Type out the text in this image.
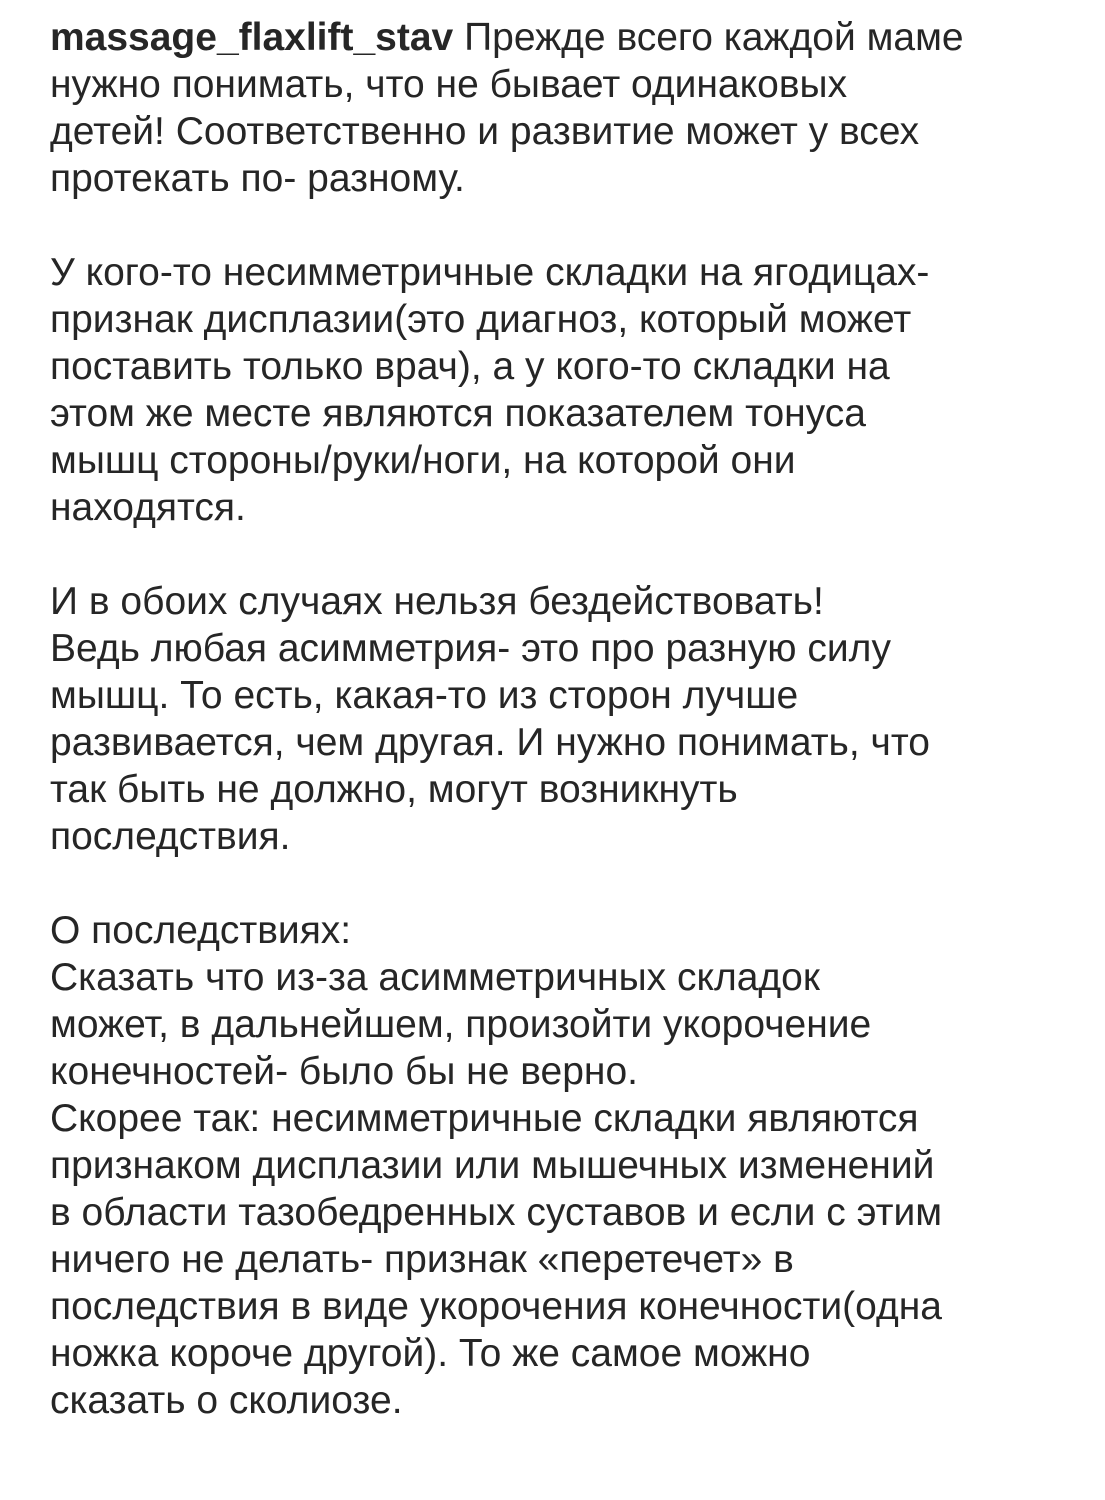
massage_flaxlift_stav Прежде всего каждой маме
нужно понимать, что не бывает одинаковых
детей! Соответственно и развитие может у всех
протекать по- разному.

У кого-то несимметричные складки на ягодицах-
признак дисплазии(это диагноз, который может
поставить только врач), а у кого-то складки на
этом же месте являются показателем тонуса
мышц стороны/руки/ноги, на которой они
находятся.

И в обоих случаях нельзя бездействовать!
Ведь любая асимметрия- это про разную силу
мышц. То есть, какая-то из сторон лучше
развивается, чем другая. И нужно понимать, что
так быть не должно, могут возникнуть
последствия.

О последствиях:
Сказать что из-за асимметричных складок
может, в дальнейшем, произойти укорочение
конечностей- было бы не верно.
Скорее так: несимметричные складки являются
признаком дисплазии или мышечных изменений
в области тазобедренных суставов и если с этим
ничего не делать- признак «перетечет» в
последствия в виде укорочения конечности(одна
ножка короче другой). То же самое можно
сказать о сколиозе.
